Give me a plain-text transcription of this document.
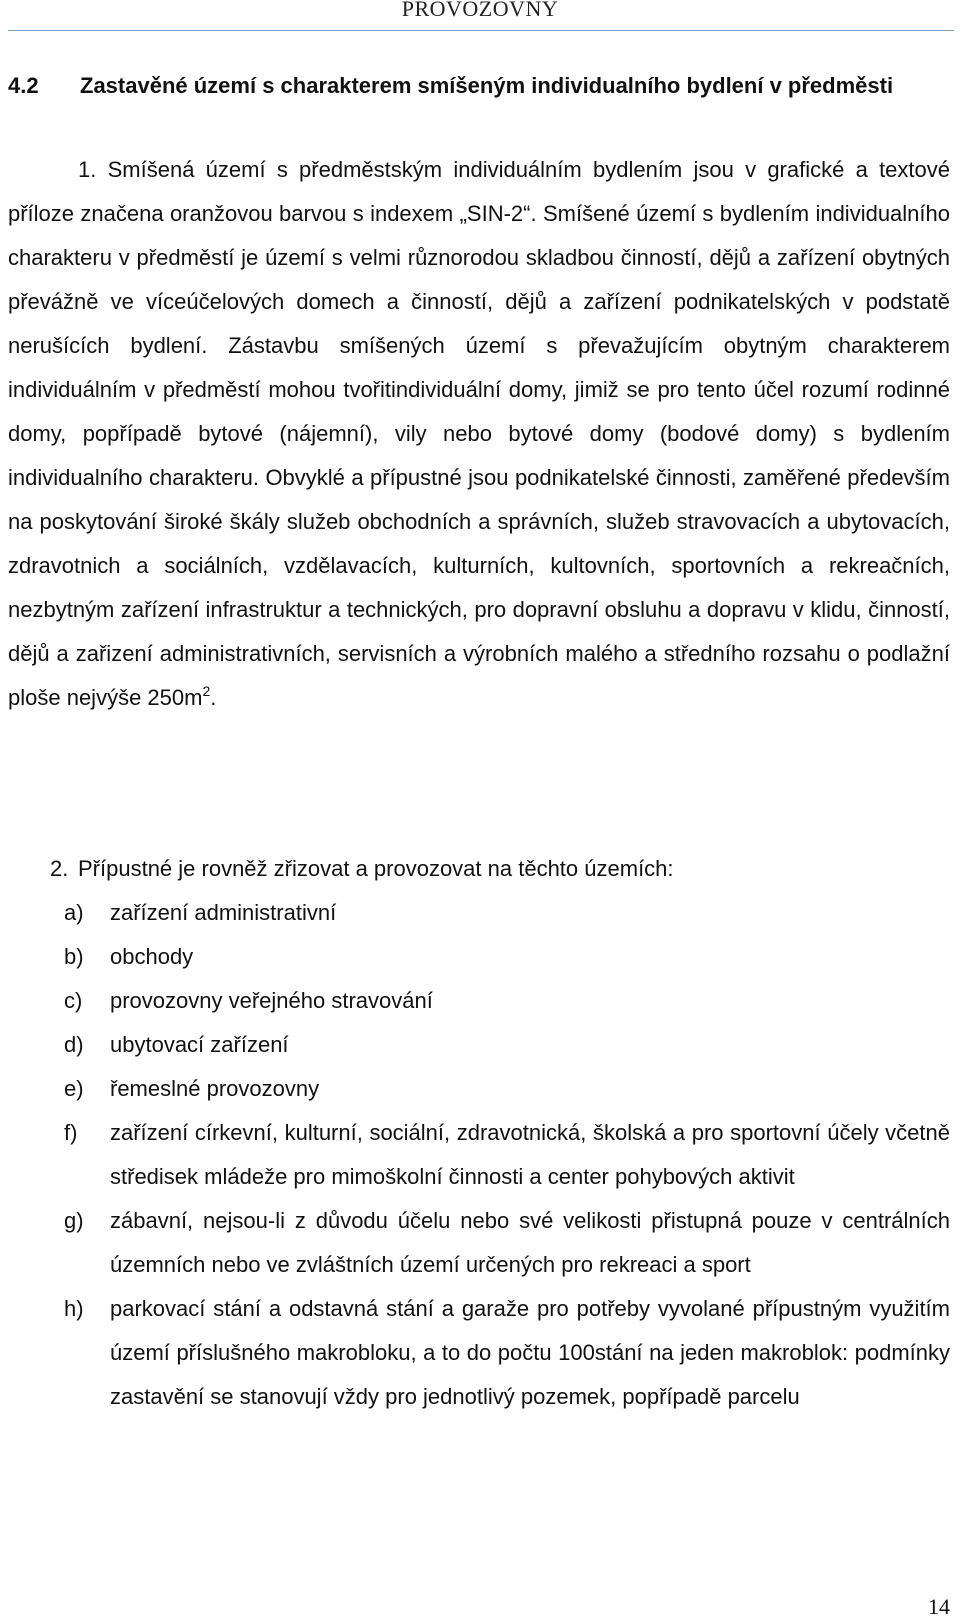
PROVOZOVNY
4.2 Zastavěné území s charakterem smíšeným individualního bydlení v předměsti
1. Smíšená území s předměstským individuálním bydlením jsou v grafické a textové příloze značena oranžovou barvou s indexem „SIN-2“. Smíšené území s bydlením individualního charakteru v předměstí je území s velmi různorodou skladbou činností, dějů a zařízení obytných převážně ve víceúčelových domech a činností, dějů a zařízení podnikatelských v podstatě nerušících bydlení. Zástavbu smíšených území s převažujícím obytným charakterem individuálním v předměstí mohou tvořitindividuální domy, jimiž se pro tento účel rozumí rodinné domy, popřípadě bytové (nájemní), vily nebo bytové domy (bodové domy) s bydlením individualního charakteru. Obvyklé a přípustné jsou podnikatelské činnosti, zaměřené především na poskytování široké škály služeb obchodních a správních, služeb stravovacích a ubytovacích, zdravotnich a sociálních, vzdělavacích, kulturních, kultovních, sportovních a rekreačních, nezbytným zařízení infrastruktur a technických, pro dopravní obsluhu a dopravu v klidu, činností, dějů a zařizení administrativních, servisních a výrobních malého a středního rozsahu o podlažní ploše nejvýše $250m^2$.
2. Přípustné je rovněž zřizovat a provozovat na těchto územích:
a) zařízení administrativní
b) obchody
c) provozovny veřejného stravování
d) ubytovací zařízení
e) řemeslné provozovny
f) zařízení církevní, kulturní, sociální, zdravotnická, školská a pro sportovní účely včetně středisek mládeže pro mimoškolní činnosti a center pohybových aktivit
g) zábavní, nejsou-li z důvodu účelu nebo své velikosti přistupná pouze v centrálních územních nebo ve zvláštních území určených pro rekreaci a sport
h) parkovací stání a odstavná stání a garaže pro potřeby vyvolané přípustným využitím území příslušného makrobloku, a to do počtu 100stání na jeden makroblok: podmínky zastavění se stanovují vždy pro jednotlivý pozemek, popřípadě parcelu
14
